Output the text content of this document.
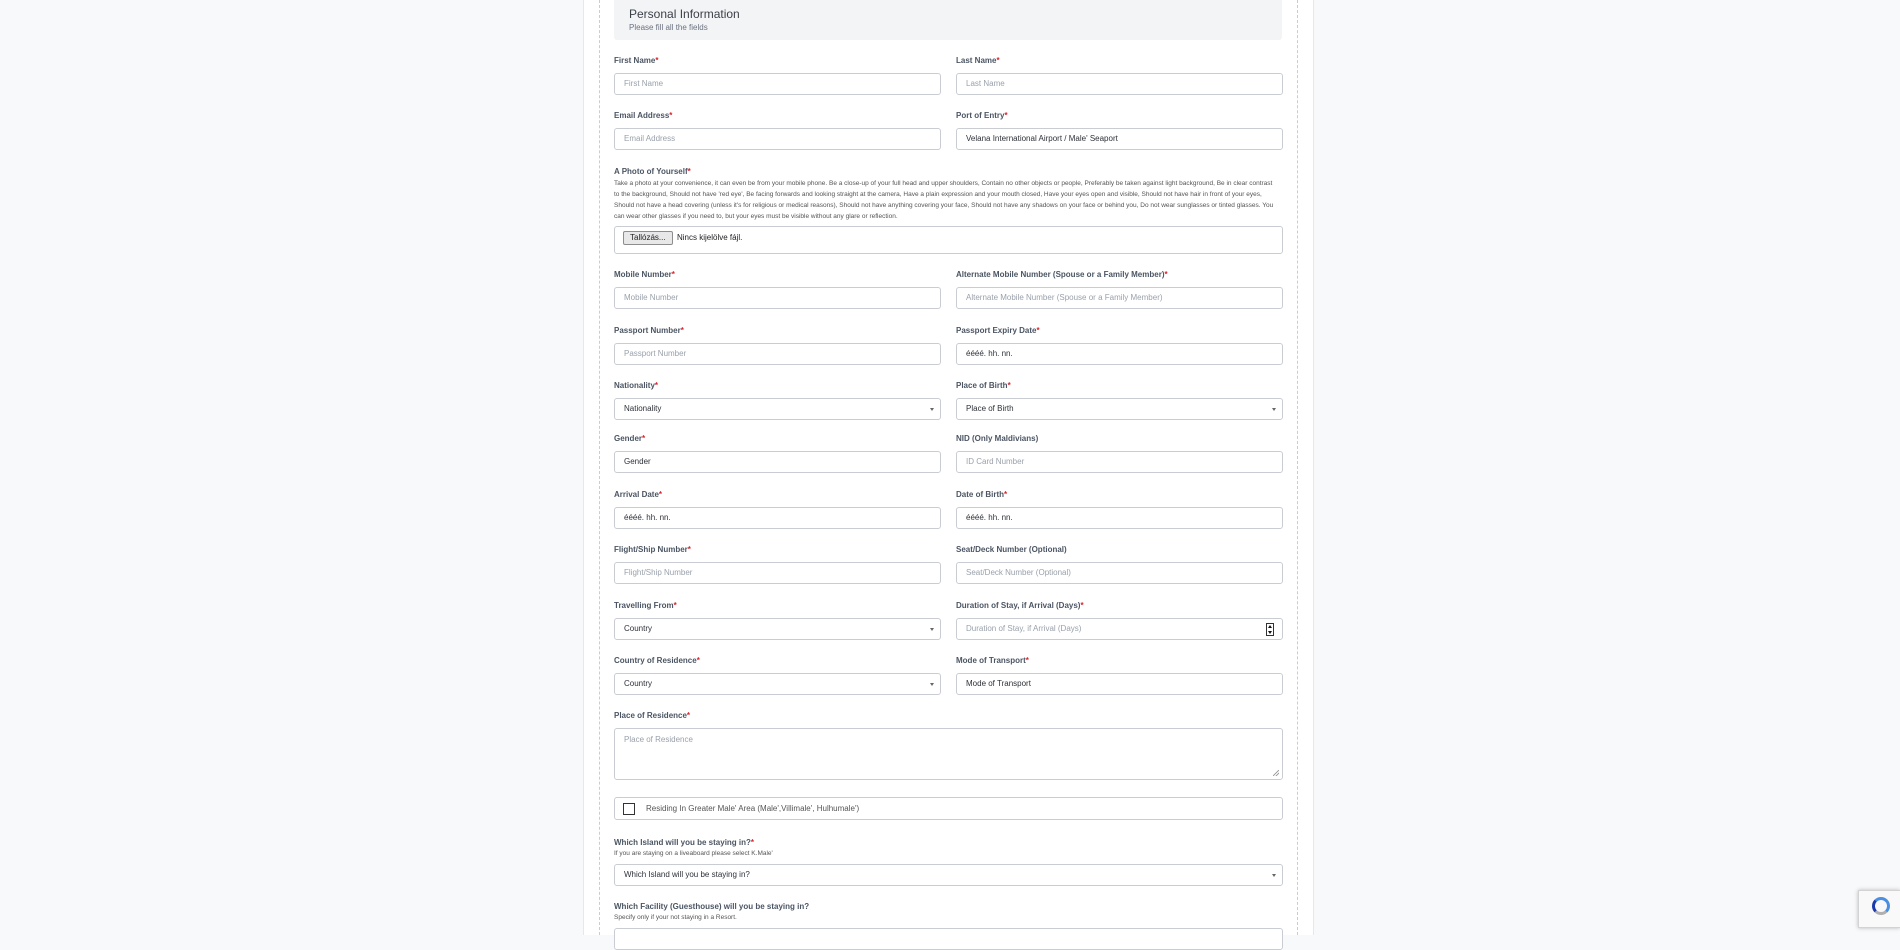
Personal Information
Please fill all the fields
First Name*
First Name
Last Name*
Last Name
Email Address*
Email Address
Port of Entry*
Velana International Airport / Male' Seaport
A Photo of Yourself*
Take a photo at your convenience, it can even be from your mobile phone. Be a close-up of your full head and upper shoulders, Contain no other objects or people, Preferably be taken against light background, Be in clear contrast to the background, Should not have 'red eye', Be facing forwards and looking straight at the camera, Have a plain expression and your mouth closed, Have your eyes open and visible, Should not have hair in front of your eyes, Should not have a head covering (unless it's for religious or medical reasons), Should not have anything covering your face, Should not have any shadows on your face or behind you, Do not wear sunglasses or tinted glasses. You can wear other glasses if you need to, but your eyes must be visible without any glare or reflection.
Tallózás...	Nincs kijelölve fájl.
Mobile Number*
Mobile Number
Alternate Mobile Number (Spouse or a Family Member)*
Alternate Mobile Number (Spouse or a Family Member)
Passport Number*
Passport Number
Passport Expiry Date*
éééé. hh. nn.
Nationality*
Nationality
Place of Birth*
Place of Birth
Gender*
Gender
NID (Only Maldivians)
ID Card Number
Arrival Date*
éééé. hh. nn.
Date of Birth*
éééé. hh. nn.
Flight/Ship Number*
Flight/Ship Number
Seat/Deck Number (Optional)
Seat/Deck Number (Optional)
Travelling From*
Country
Duration of Stay, if Arrival (Days)*
Duration of Stay, if Arrival (Days)
Country of Residence*
Country
Mode of Transport*
Mode of Transport
Place of Residence*
Place of Residence
Residing In Greater Male' Area (Male',Villimale', Hulhumale')
Which Island will you be staying in?*
If you are staying on a liveaboard please select K.Male'
Which Island will you be staying in?
Which Facility (Guesthouse) will you be staying in?
Specify only if your not staying in a Resort.
